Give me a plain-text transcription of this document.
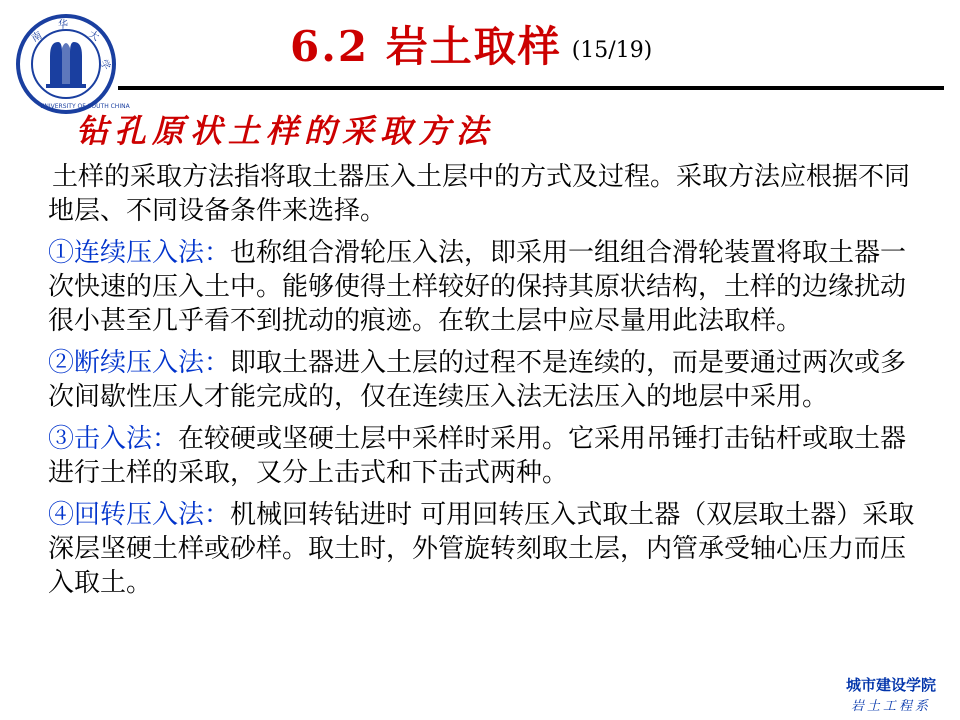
南
华
大
学
UNIVERSITY OF SOUTH CHINA
6.2 岩土取样 (15/19)
钻孔原状土样的采取方法

土样的采取方法指将取土器压入土层中的方式及过程。采取方法应根据不同地层、不同设备条件来选择。

①连续压入法：也称组合滑轮压入法，即采用一组组合滑轮装置将取土器一次快速的压入土中。能够使得土样较好的保持其原状结构，土样的边缘扰动很小甚至几乎看不到扰动的痕迹。在软土层中应尽量用此法取样。

②断续压入法：即取土器进入土层的过程不是连续的，而是要通过两次或多次间歇性压人才能完成的，仅在连续压入法无法压入的地层中采用。

③击入法：在较硬或坚硬土层中采样时采用。它采用吊锤打击钻杆或取土器进行土样的采取，又分上击式和下击式两种。

④回转压入法：机械回转钻进时 可用回转压入式取土器（双层取土器）采取深层坚硬土样或砂样。取土时，外管旋转刻取土层，内管承受轴心压力而压入取土。

城市建设学院
岩土工程系
